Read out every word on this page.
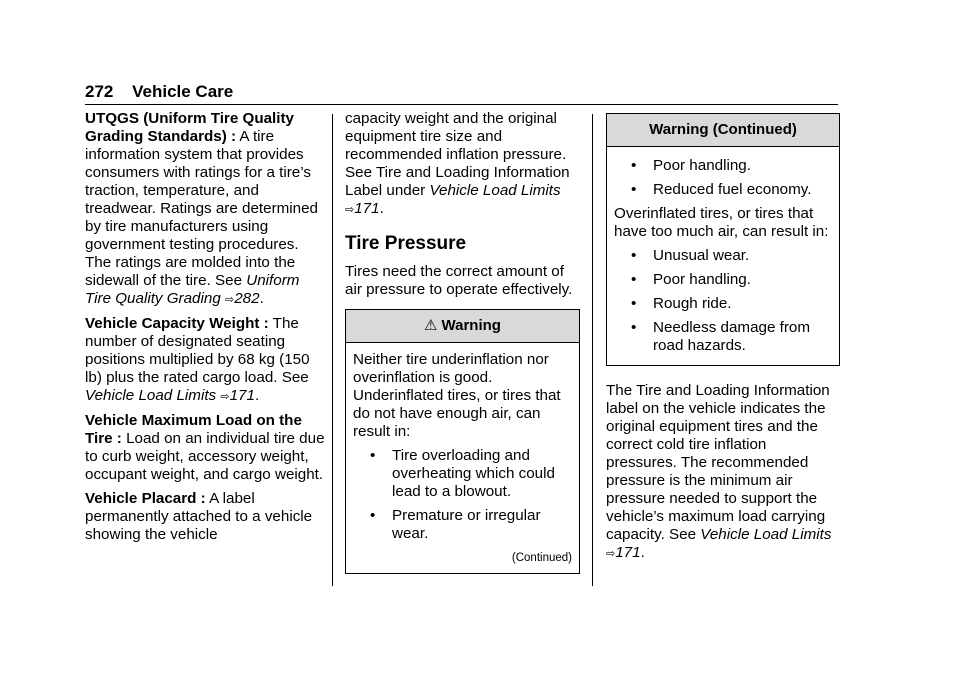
272 Vehicle Care

UTQGS (Uniform Tire Quality Grading Standards) : A tire information system that provides consumers with ratings for a tire’s traction, temperature, and treadwear. Ratings are determined by tire manufacturers using government testing procedures. The ratings are molded into the sidewall of the tire. See Uniform Tire Quality Grading ⇨282.

Vehicle Capacity Weight : The number of designated seating positions multiplied by 68 kg (150 lb) plus the rated cargo load. See Vehicle Load Limits ⇨171.

Vehicle Maximum Load on the Tire : Load on an individual tire due to curb weight, accessory weight, occupant weight, and cargo weight.

Vehicle Placard : A label permanently attached to a vehicle showing the vehicle

capacity weight and the original equipment tire size and recommended inflation pressure. See Tire and Loading Information Label under Vehicle Load Limits ⇨171.

Tire Pressure

Tires need the correct amount of air pressure to operate effectively.

⚠ Warning

Neither tire underinflation nor overinflation is good. Underinflated tires, or tires that do not have enough air, can result in:

• Tire overloading and overheating which could lead to a blowout.
• Premature or irregular wear.
(Continued)
Warning (Continued)
• Poor handling.
• Reduced fuel economy.

Overinflated tires, or tires that have too much air, can result in:

• Unusual wear.
• Poor handling.
• Rough ride.
• Needless damage from road hazards.

The Tire and Loading Information label on the vehicle indicates the original equipment tires and the correct cold tire inflation pressures. The recommended pressure is the minimum air pressure needed to support the vehicle’s maximum load carrying capacity. See Vehicle Load Limits ⇨171.
